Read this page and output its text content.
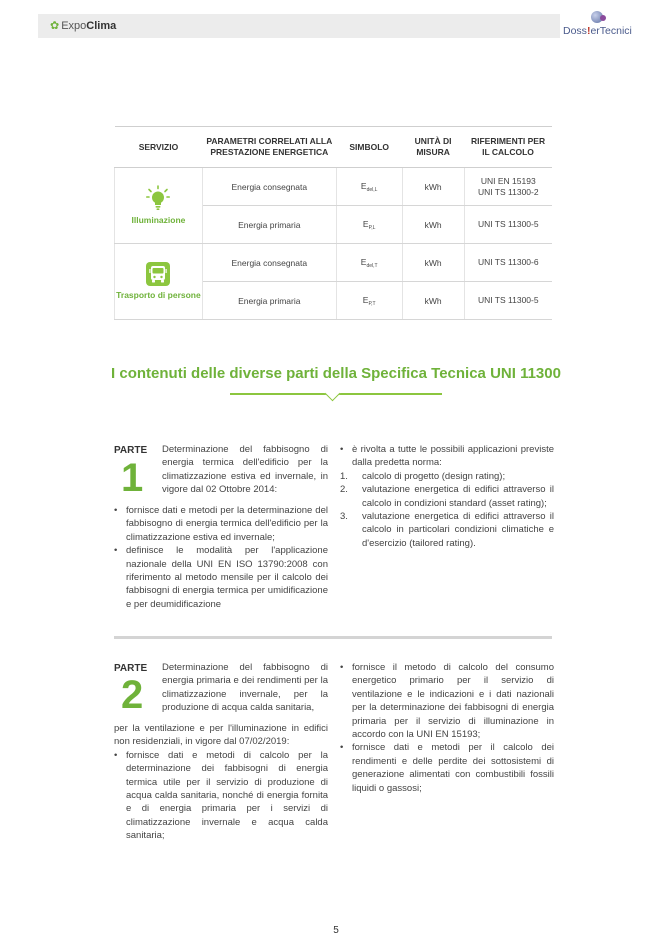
✿ ExpoClima	Doss!erTecnici
SERVIZIO	PARAMETRI CORRELATI ALLA PRESTAZIONE ENERGETICA	SIMBOLO	UNITÀ DI MISURA	RIFERIMENTI PER IL CALCOLO

Illuminazione	Energia consegnata	$E_{del,L}$	kWh	UNI EN 15193
UNI TS 11300-2

	Energia primaria	$E_{P,L}$	kWh	UNI TS 11300-5

Trasporto di persone	Energia consegnata	$E_{del,T}$	kWh	UNI TS 11300-6
	Energia primaria	$E_{P,T}$	kWh	UNI TS 11300-5
I contenuti delle diverse parti della Specifica Tecnica UNI 11300
PARTE
1
Determinazione del fabbisogno di energia termica dell'edificio per la climatizzazione estiva ed invernale, in vigore dal 02 Ottobre 2014:
• fornisce dati e metodi per la determinazione del fabbisogno di energia termica dell'edificio per la climatizzazione estiva ed invernale;
• definisce le modalità per l'applicazione nazionale della UNI EN ISO 13790:2008 con riferimento al metodo mensile per il calcolo dei fabbisogni di energia termica per umidificazione e per deumidificazione
• è rivolta a tutte le possibili applicazioni previste dalla predetta norma:
1. calcolo di progetto (design rating);
2. valutazione energetica di edifici attraverso il calcolo in condizioni standard (asset rating);
3. valutazione energetica di edifici attraverso il calcolo in particolari condizioni climatiche e d'esercizio (tailored rating).
PARTE
2
Determinazione del fabbisogno di energia primaria e dei rendimenti per la climatizzazione invernale, per la produzione di acqua calda sanitaria,
per la ventilazione e per l'illuminazione in edifici non residenziali, in vigore dal 07/02/2019:
• fornisce dati e metodi di calcolo per la determinazione dei fabbisogni di energia termica utile per il servizio di produzione di acqua calda sanitaria, nonché di energia fornita e di energia primaria per i servizi di climatizzazione invernale e acqua calda sanitaria;
• fornisce il metodo di calcolo del consumo energetico primario per il servizio di ventilazione e le indicazioni e i dati nazionali per la determinazione dei fabbisogni di energia primaria per il servizio di illuminazione in accordo con la UNI EN 15193;
• fornisce dati e metodi per il calcolo dei rendimenti e delle perdite dei sottosistemi di generazione alimentati con combustibili fossili liquidi o gassosi;
5
